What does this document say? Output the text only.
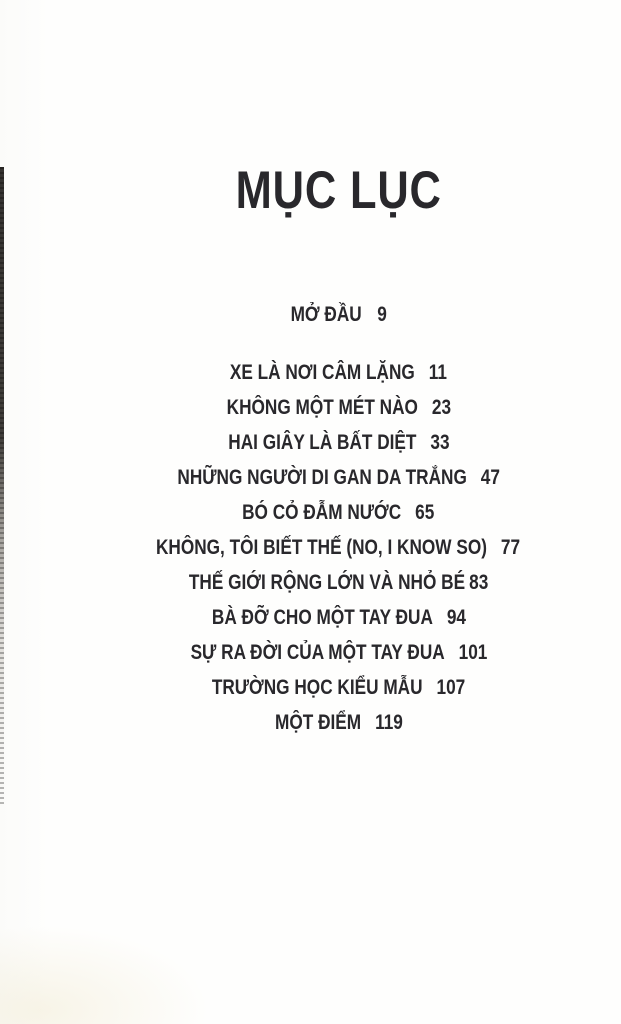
MỤC LỤC
MỞ ĐẦU 9
XE LÀ NƠI CÂM LẶNG 11
KHÔNG MỘT MÉT NÀO 23
HAI GIÂY LÀ BẤT DIỆT 33
NHỮNG NGƯỜI DI GAN DA TRẮNG 47
BÓ CỎ ĐẪM NƯỚC 65
KHÔNG, TÔI BIẾT THẾ (NO, I KNOW SO) 77
THẾ GIỚI RỘNG LỚN VÀ NHỎ BÉ 83
BÀ ĐỠ CHO MỘT TAY ĐUA 94
SỰ RA ĐỜI CỦA MỘT TAY ĐUA 101
TRƯỜNG HỌC KIỂU MẪU 107
MỘT ĐIỂM 119
